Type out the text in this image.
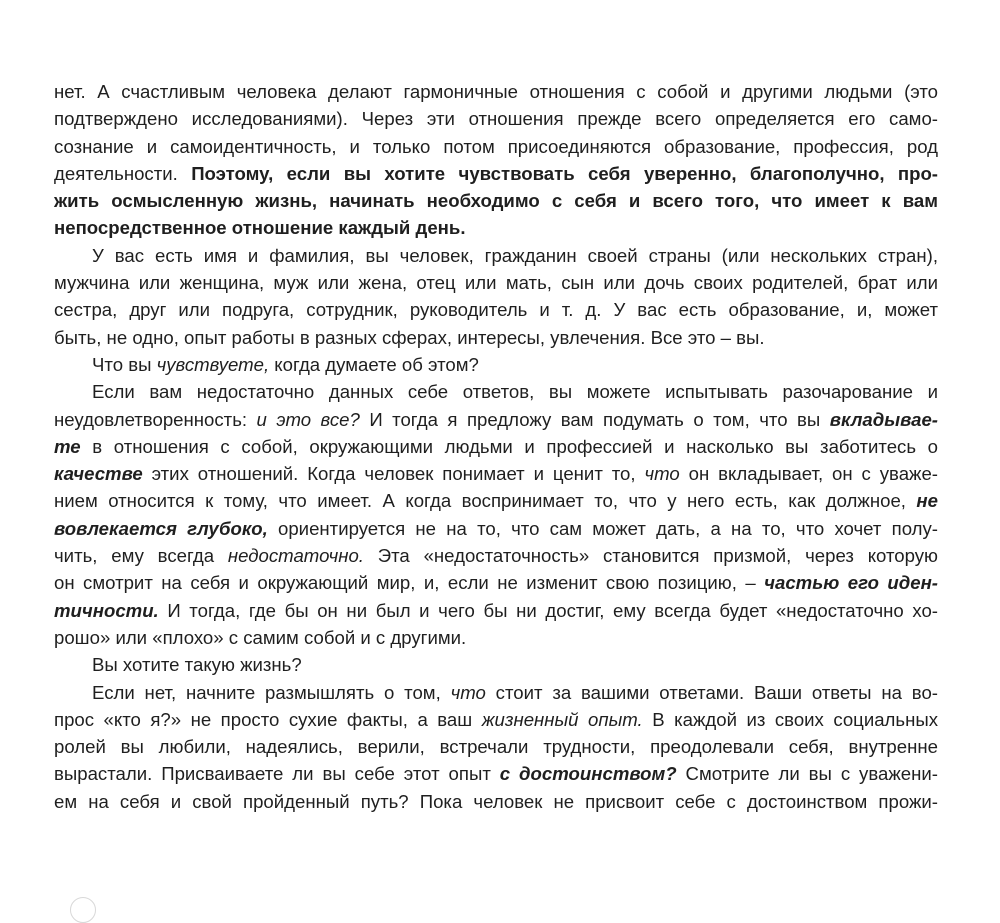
нет. А счастливым человека делают гармоничные отношения с собой и другими людьми (это
подтверждено исследованиями). Через эти отношения прежде всего определяется его само-
сознание и самоидентичность, и только потом присоединяются образование, профессия, род
деятельности. Поэтому, если вы хотите чувствовать себя уверенно, благополучно, про-
жить осмысленную жизнь, начинать необходимо с себя и всего того, что имеет к вам
непосредственное отношение каждый день.
У вас есть имя и фамилия, вы человек, гражданин своей страны (или нескольких стран),
мужчина или женщина, муж или жена, отец или мать, сын или дочь своих родителей, брат или
сестра, друг или подруга, сотрудник, руководитель и т. д. У вас есть образование, и, может
быть, не одно, опыт работы в разных сферах, интересы, увлечения. Все это – вы.
Что вы чувствуете, когда думаете об этом?
Если вам недостаточно данных себе ответов, вы можете испытывать разочарование и
неудовлетворенность: и это все? И тогда я предложу вам подумать о том, что вы вкладывае-
те в отношения с собой, окружающими людьми и профессией и насколько вы заботитесь о
качестве этих отношений. Когда человек понимает и ценит то, что он вкладывает, он с уваже-
нием относится к тому, что имеет. А когда воспринимает то, что у него есть, как должное, не
вовлекается глубоко, ориентируется не на то, что сам может дать, а на то, что хочет полу-
чить, ему всегда недостаточно. Эта «недостаточность» становится призмой, через которую
он смотрит на себя и окружающий мир, и, если не изменит свою позицию, – частью его иден-
тичности. И тогда, где бы он ни был и чего бы ни достиг, ему всегда будет «недостаточно хо-
рошо» или «плохо» с самим собой и с другими.
Вы хотите такую жизнь?
Если нет, начните размышлять о том, что стоит за вашими ответами. Ваши ответы на во-
прос «кто я?» не просто сухие факты, а ваш жизненный опыт. В каждой из своих социальных
ролей вы любили, надеялись, верили, встречали трудности, преодолевали себя, внутренне
вырастали. Присваиваете ли вы себе этот опыт с достоинством? Смотрите ли вы с уважени-
ем на себя и свой пройденный путь? Пока человек не присвоит себе с достоинством прожи-
